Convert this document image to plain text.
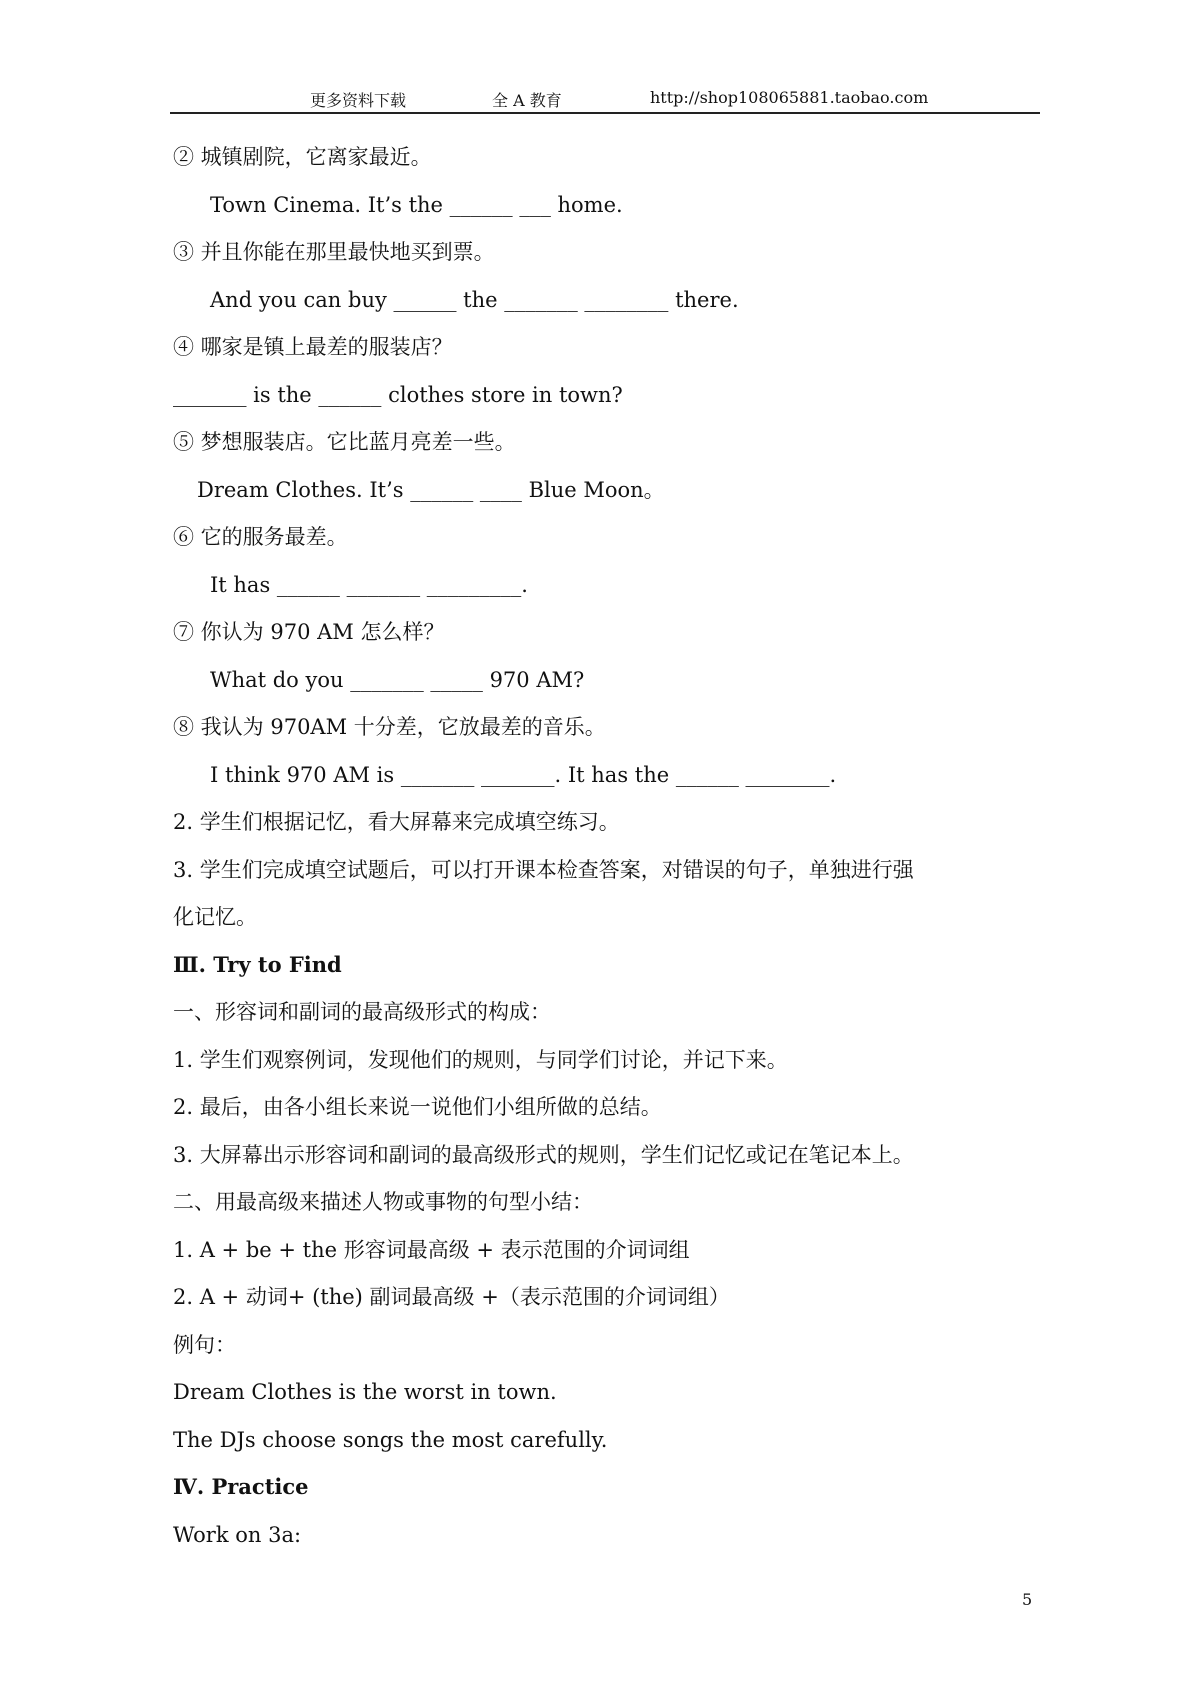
更多资料下载	全 A 教育	http://shop108065881.taobao.com
② 城镇剧院，它离家最近。
Town Cinema. It’s the ______ ___ home.
③ 并且你能在那里最快地买到票。
And you can buy ______ the _______ ________ there.
④ 哪家是镇上最差的服装店？
_______ is the ______ clothes store in town?
⑤ 梦想服装店。它比蓝月亮差一些。
Dream Clothes. It’s ______ ____ Blue Moon。
⑥ 它的服务最差。
It has ______ _______ _________.
⑦ 你认为 970 AM 怎么样？
What do you _______ _____ 970 AM?
⑧ 我认为 970AM 十分差，它放最差的音乐。
I think 970 AM is _______ _______. It has the ______ ________.
2. 学生们根据记忆，看大屏幕来完成填空练习。
3. 学生们完成填空试题后，可以打开课本检查答案，对错误的句子，单独进行强
化记忆。
Ⅲ. Try to Find
一、形容词和副词的最高级形式的构成：
1. 学生们观察例词，发现他们的规则，与同学们讨论，并记下来。
2. 最后，由各小组长来说一说他们小组所做的总结。
3. 大屏幕出示形容词和副词的最高级形式的规则，学生们记忆或记在笔记本上。
二、用最高级来描述人物或事物的句型小结：
1. A + be + the 形容词最高级 + 表示范围的介词词组
2. A + 动词+ (the) 副词最高级 +（表示范围的介词词组）
例句：
Dream Clothes is the worst in town.
The DJs choose songs the most carefully.
Ⅳ. Practice
Work on 3a:
5
